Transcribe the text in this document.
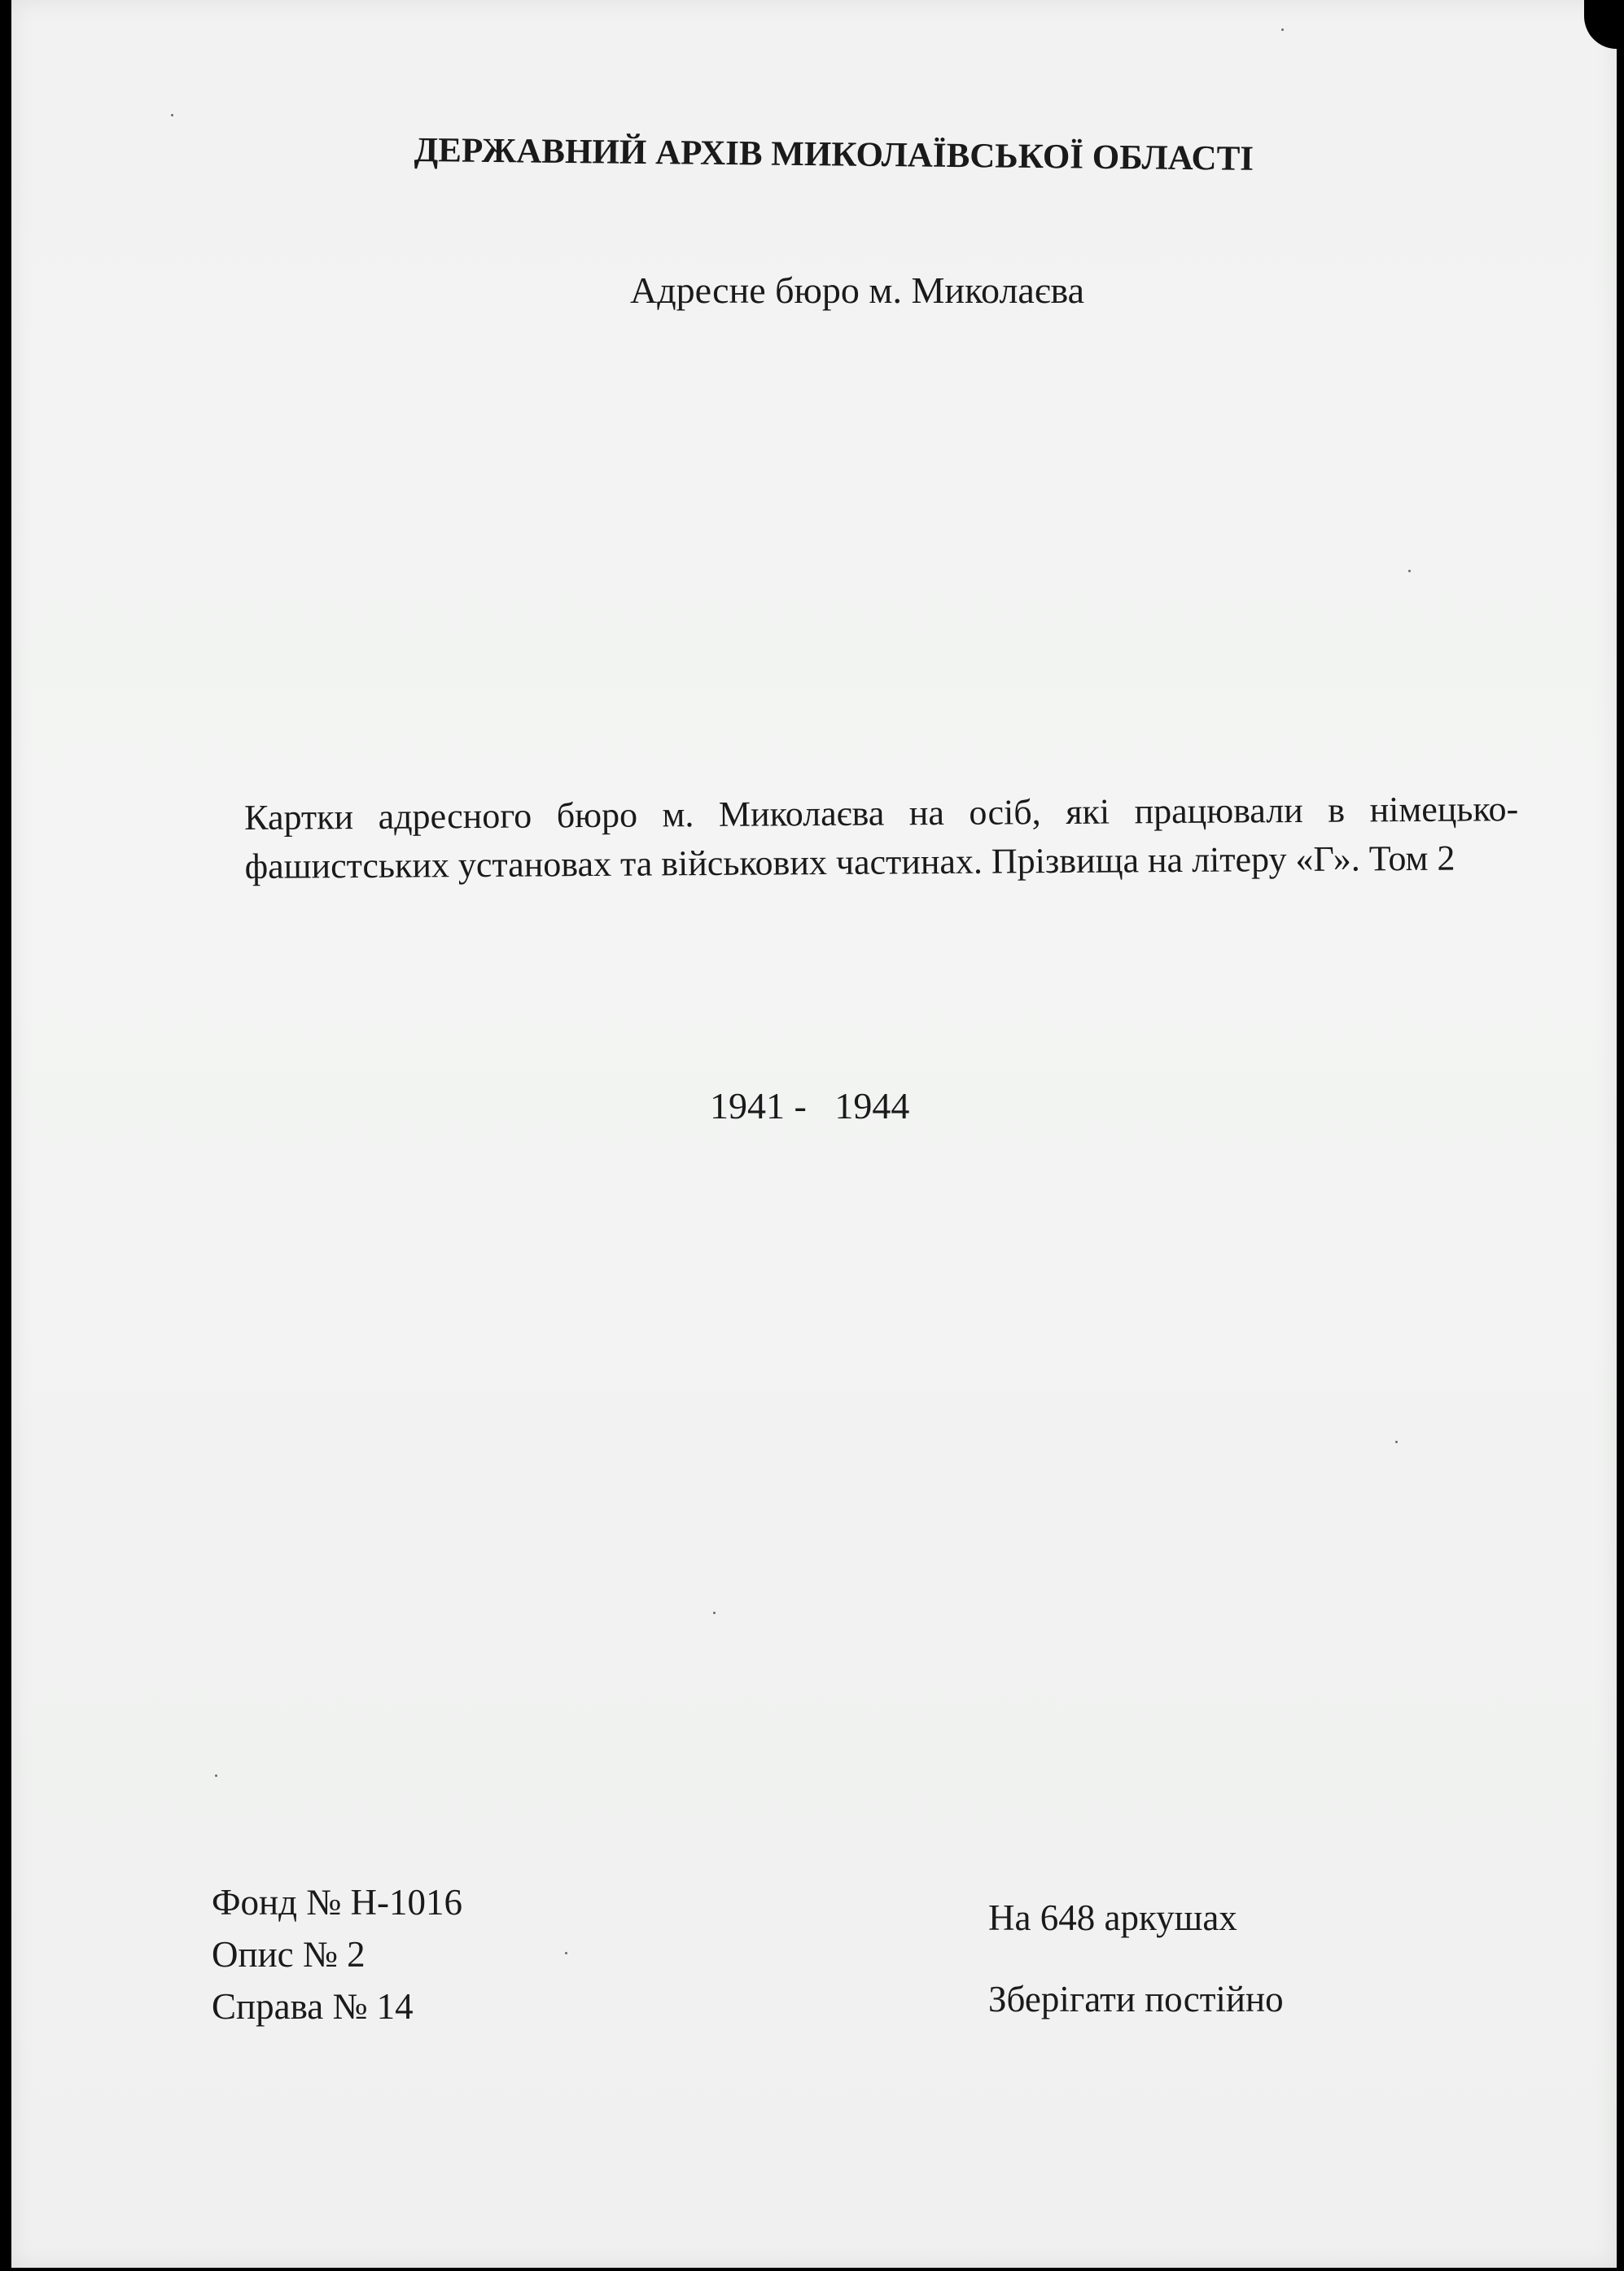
ДЕРЖАВНИЙ АРХІВ МИКОЛАЇВСЬКОЇ ОБЛАСТІ
Адресне бюро м. Миколаєва
Картки адресного бюро м. Миколаєва на осіб, які працювали в німецько-фашистських установах та військових частинах. Прізвища на літеру «Г». Том 2
1941 -   1944
Фонд № Н-1016
Опис № 2
Справа № 14
На 648 аркушах
Зберігати постійно
